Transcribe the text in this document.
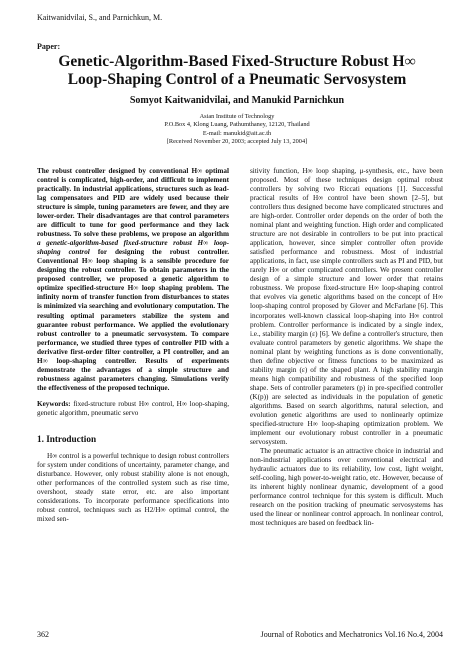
Kaitwanidvilai, S., and Parnichkun, M.
Paper:
Genetic-Algorithm-Based Fixed-Structure Robust H∞
Loop-Shaping Control of a Pneumatic Servosystem
Somyot Kaitwanidvilai, and Manukid Parnichkun
Asian Institute of Technology
P.O.Box 4, Klong Luang, Pathumthaney, 12120, Thailand
E-mail: manukid@ait.ac.th
[Received November 20, 2003; accepted July 13, 2004]

The robust controller designed by conventional H∞ optimal control is complicated, high-order, and difficult to implement practically. In industrial applications, structures such as lead-lag compensators and PID are widely used because their structure is simple, tuning parameters are fewer, and they are lower-order. Their disadvantages are that control parameters are difficult to tune for good performance and they lack robustness. To solve these problems, we propose an algorithm a genetic-algorithm-based fixed-structure robust H∞ loop-shaping control for designing the robust controller. Conventional H∞ loop shaping is a sensible procedure for designing the robust controller. To obtain parameters in the proposed controller, we proposed a genetic algorithm to optimize specified-structure H∞ loop shaping problem. The infinity norm of transfer function from disturbances to states is minimized via searching and evolutionary computation. The resulting optimal parameters stabilize the system and guarantee robust performance. We applied the evolutionary robust controller to a pneumatic servosystem. To compare performance, we studied three types of controller PID with a derivative first-order filter controller, a PI controller, and an H∞ loop-shaping controller. Results of experiments demonstrate the advantages of a simple structure and robustness against parameters changing. Simulations verify the effectiveness of the proposed technique.

Keywords: fixed-structure robust H∞ control, H∞ loop-shaping, genetic algorithm, pneumatic servo

1. Introduction

H∞ control is a powerful technique to design robust controllers for system under conditions of uncertainty, parameter change, and disturbance. However, only robust stability alone is not enough, other performances of the controlled system such as rise time, overshoot, steady state error, etc. are also important considerations. To incorporate performance specifications into robust control, techniques such as H2/H∞ optimal control, the mixed sen-

sitivity function, H∞ loop shaping, μ-synthesis, etc., have been proposed. Most of these techniques design optimal robust controllers by solving two Riccati equations [1]. Successful practical results of H∞ control have been shown [2–5], but controllers thus designed become have complicated structures and are high-order. Controller order depends on the order of both the nominal plant and weighting function. High order and complicated structure are not desirable in controllers to be put into practical application, however, since simpler controller often provide satisfied performance and robustness. Most of industrial applications, in fact, use simple controllers such as PI and PID, but rarely H∞ or other complicated controllers. We present controller design of a simple structure and lower order that retains robustness. We propose fixed-structure H∞ loop-shaping control that evolves via genetic algorithms based on the concept of H∞ loop-shaping control proposed by Glover and McFarlane [6]. This incorporates well-known classical loop-shaping into H∞ control problem. Controller performance is indicated by a single index, i.e., stability margin (ε) [6]. We define a controller's structure, then evaluate control parameters by genetic algorithms. We shape the nominal plant by weighting functions as is done conventionally, then define objective or fitness functions to be maximized as stability margin (ε) of the shaped plant. A high stability margin means high compatibility and robustness of the specified loop shape. Sets of controller parameters (p) in pre-specified controller (K(p)) are selected as individuals in the population of genetic algorithms. Based on search algorithms, natural selection, and evolution genetic algorithms are used to nonlinearly optimize specified-structure H∞ loop-shaping optimization problem. We implement our evolutionary robust controller in a pneumatic servosystem.

The pneumatic actuator is an attractive choice in industrial and non-industrial applications over conventional electrical and hydraulic actuators due to its reliability, low cost, light weight, self-cooling, high power-to-weight ratio, etc. However, because of its inherent highly nonlinear dynamic, development of a good performance control technique for this system is difficult. Much research on the position tracking of pneumatic servosystems has used the linear or nonlinear control approach. In nonlinear control, most techniques are based on feedback lin-

362	Journal of Robotics and Mechatronics Vol.16 No.4, 2004
